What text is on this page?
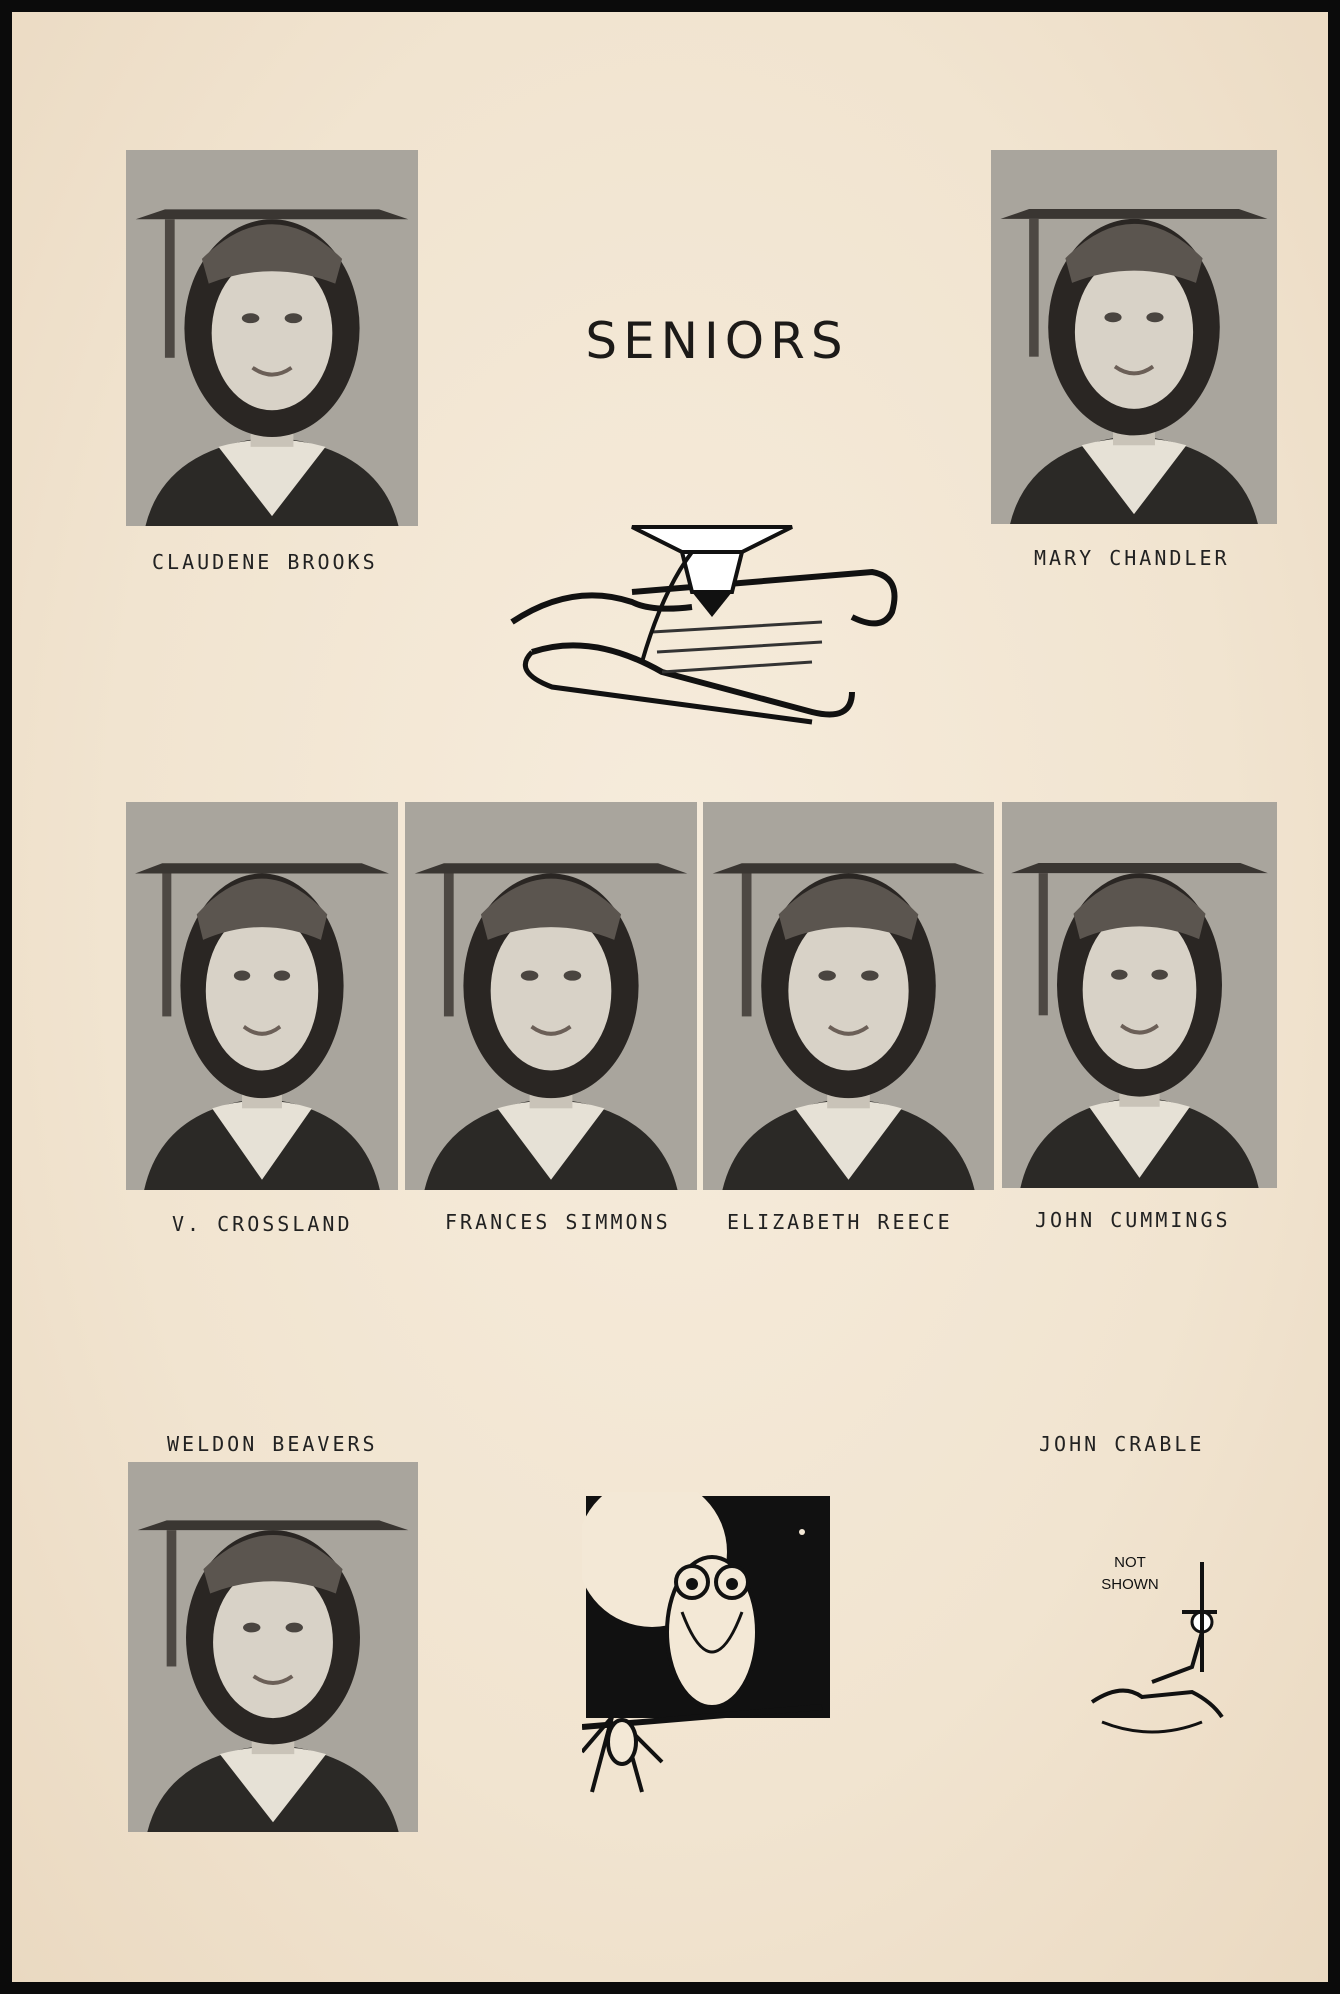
SENIORS
CLAUDENE BROOKS	MARY CHANDLER
V. CROSSLAND	FRANCES SIMMONS	ELIZABETH REECE	JOHN CUMMINGS
WELDON BEAVERS	JOHN CRABLE
NOT SHOWN
